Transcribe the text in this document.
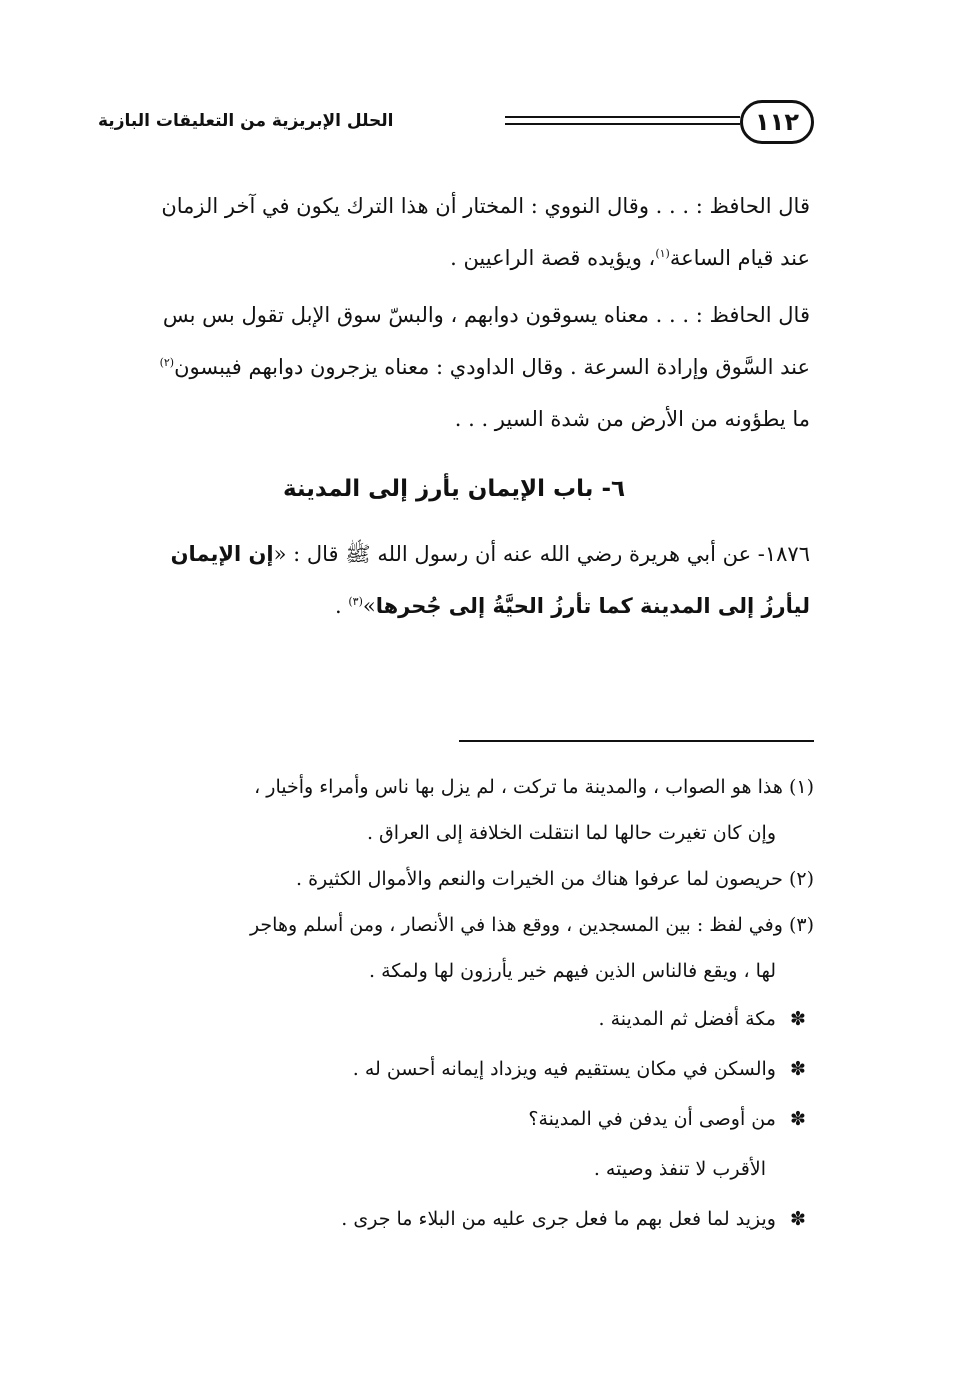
١١٢
الحلل الإبريزية من التعليقات البازية
قال الحافظ : . . . وقال النووي : المختار أن هذا الترك يكون في آخر الزمان
عند قيام الساعة$^{(١)}$، ويؤيده قصة الراعيين .
قال الحافظ : . . . معناه يسوقون دوابهم ، والبسّ سوق الإبل تقول بس بس
عند السَّوق وإرادة السرعة . وقال الداودي : معناه يزجرون دوابهم فيبسون$^{(٢)}$
ما يطؤونه من الأرض من شدة السير . . .
٦- باب الإيمان يأرز إلى المدينة
١٨٧٦- عن أبي هريرة رضي الله عنه أن رسول الله ﷺ قال : «إن الإيمان
ليأرزُ إلى المدينة كما تأرزُ الحيَّةُ إلى جُحرها»$^{(٣)}$ .
(١) هذا هو الصواب ، والمدينة ما تركت ، لم يزل بها ناس وأمراء وأخيار ،
وإن كان تغيرت حالها لما انتقلت الخلافة إلى العراق .
(٢) حريصون لما عرفوا هناك من الخيرات والنعم والأموال الكثيرة .
(٣) وفي لفظ : بين المسجدين ، ووقع هذا في الأنصار ، ومن أسلم وهاجر
لها ، ويقع فالناس الذين فيهم خير يأرزون لها ولمكة .
✽ مكة أفضل ثم المدينة .
✽ والسكن في مكان يستقيم فيه ويزداد إيمانه أحسن له .
✽ من أوصى أن يدفن في المدينة؟
الأقرب لا تنفذ وصيته .
✽ ويزيد لما فعل بهم ما فعل جرى عليه من البلاء ما جرى .
